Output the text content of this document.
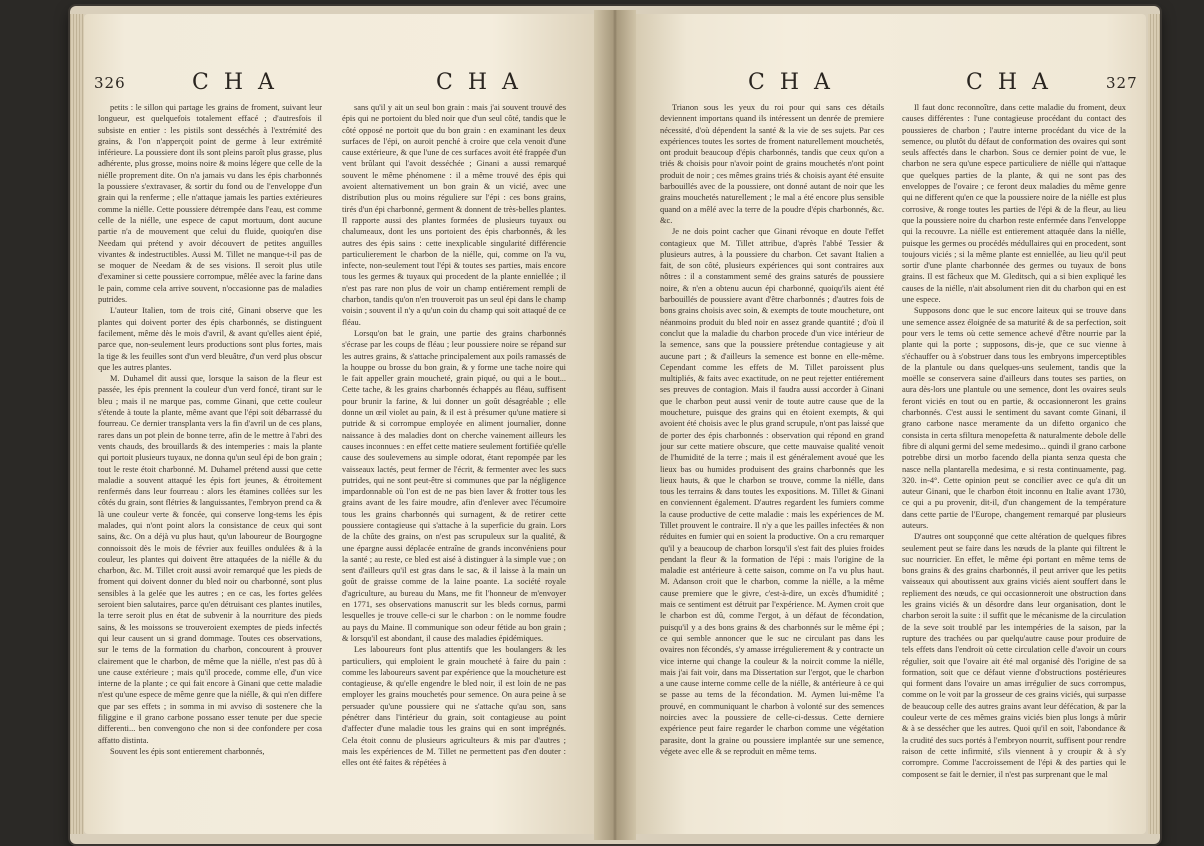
326	C H A	C H A

petits : le sillon qui partage les grains de froment, suivant leur longueur, est quelquefois totalement effacé ; d'autresfois il subsiste en entier : les pistils sont desséchés à l'extrémité des grains, & l'on n'apperçoit point de germe à leur extrémité inférieure. La poussiere dont ils sont pleins paroît plus grasse, plus adhérente, plus grosse, moins noire & moins légere que celle de la niélle proprement dite. On n'a jamais vu dans les épis charbonnés la poussiere s'extravaser, & sortir du fond ou de l'enveloppe d'un grain qui la renferme ; elle n'attaque jamais les parties extérieures comme la niélle. Cette poussiere détrempée dans l'eau, est comme celle de la niélle, une espece de caput mortuum, dont aucune partie n'a de mouvement que celui du fluide, quoiqu'en dise Needam qui prétend y avoir découvert de petites anguilles vivantes & indestructibles. Aussi M. Tillet ne manque-t-il pas de se moquer de Needam & de ses visions. Il seroit plus utile d'examiner si cette poussiere corrompue, mêlée avec la farine dans le pain, comme cela arrive souvent, n'occasionne pas de maladies putrides.

L'auteur Italien, tom de trois cité, Ginani observe que les plantes qui doivent porter des épis charbonnés, se distinguent facilement, même dès le mois d'avril, & avant qu'elles aient épié, parce que, non-seulement leurs productions sont plus fortes, mais la tige & les feuilles sont d'un verd bleuâtre, d'un verd plus obscur que les autres plantes.

M. Duhamel dit aussi que, lorsque la saison de la fleur est passée, les épis prennent la couleur d'un verd foncé, tirant sur le bleu ; mais il ne marque pas, comme Ginani, que cette couleur s'étende à toute la plante, même avant que l'épi soit débarrassé du fourreau. Ce dernier transplanta vers la fin d'avril un de ces plans, rares dans un pot plein de bonne terre, afin de le mettre à l'abri des vents chauds, des brouillards & des intemperies : mais la plante qui portoit plusieurs tuyaux, ne donna qu'un seul épi de bon grain ; tout le reste étoit charbonné. M. Duhamel prétend aussi que cette maladie a souvent attaqué les épis fort jeunes, & étroitement renfermés dans leur fourreau : alors les étamines collées sur les côtés du grain, sont flétries & languissantes, l'embryon prend ca & là une couleur verte & foncée, qui conserve long-tems les épis malades, qui n'ont point alors la consistance de ceux qui sont sains, &c. On a déjà vu plus haut, qu'un laboureur de Bourgogne connoissoit dès le mois de février aux feuilles ondulées & à la couleur, les plantes qui doivent être attaquées de la niélle & du charbon, &c. M. Tillet croit aussi avoir remarqué que les pieds de froment qui doivent donner du bled noir ou charbonné, sont plus sensibles à la gelée que les autres ; en ce cas, les fortes gelées seroient bien salutaires, parce qu'en détruisant ces plantes inutiles, la terre seroit plus en état de subvenir à la nourriture des pieds sains, & les moissons se trouveroient exemptes de pieds infectés qui leur causent un si grand dommage. Toutes ces observations, sur le tems de la formation du charbon, concourent à prouver clairement que le charbon, de même que la niélle, n'est pas dû à une cause extérieure ; mais qu'il procede, comme elle, d'un vice interne de la plante ; ce qui fait encore à Ginani que cette maladie n'est qu'une espece de même genre que la niélle, & qui n'en differe que par ses effets ; in somma in mi avviso di sostenere che la filiggine e il grano carbone possano esser tenute per due specie differenti... ben convengono che non si dee confondere per cosa affatto distinta.

Souvent les épis sont entierement charbonnés,

sans qu'il y ait un seul bon grain : mais j'ai souvent trouvé des épis qui ne portoient du bled noir que d'un seul côté, tandis que le côté opposé ne portoit que du bon grain : en examinant les deux surfaces de l'épi, on auroit penché à croire que cela venoit d'une cause extérieure, & que l'une de ces surfaces avoit été frappée d'un vent brûlant qui l'avoit desséchée ; Ginani a aussi remarqué souvent le même phénomene : il a même trouvé des épis qui avoient alternativement un bon grain & un vicié, avec une distribution plus ou moins réguliere sur l'épi : ces bons grains, tirés d'un épi charbonné, germent & donnent de très-belles plantes. Il rapporte aussi des plantes formées de plusieurs tuyaux ou chalumeaux, dont les uns portoient des épis charbonnés, & les autres des épis sains : cette inexplicable singularité différencie particulierement le charbon de la niélle, qui, comme on l'a vu, infecte, non-seulement tout l'épi & toutes ses parties, mais encore tous les germes & tuyaux qui procedent de la plante enniellée ; il n'est pas rare non plus de voir un champ entiérement rempli de charbon, tandis qu'on n'en trouveroit pas un seul épi dans le champ voisin ; souvent il n'y a qu'un coin du champ qui soit attaqué de ce fléau.

Lorsqu'on bat le grain, une partie des grains charbonnés s'écrase par les coups de fléau ; leur poussiere noire se répand sur les autres grains, & s'attache principalement aux poils ramassés de la houppe ou brosse du bon grain, & y forme une tache noire qui le fait appeller grain moucheté, grain piqué, ou qui a le bout... Cette tache, & les grains charbonnés échappés au fléau, suffisent pour brunir la farine, & lui donner un goût désagréable ; elle donne un œil violet au pain, & il est à présumer qu'une matiere si putride & si corrompue employée en aliment journalier, donne naissance à des maladies dont on cherche vainement ailleurs les causes inconnues : en effet cette matiere seulement fortifiée qu'elle cause des soulevemens au simple odorat, étant repompée par les vaisseaux lactés, peut fermer de l'écrit, & fermenter avec les sucs putrides, qui ne sont peut-être si communes que par la négligence impardonnable où l'on est de ne pas bien laver & frotter tous les grains avant de les faire moudre, afin d'enlever avec l'écumoire tous les grains charbonnés qui surnagent, & de retirer cette poussiere contagieuse qui s'attache à la superficie du grain. Lors de la chûte des grains, on n'est pas scrupuleux sur la qualité, & une épargne aussi déplacée entraîne de grands inconvéniens pour la santé ; au reste, ce bled est aisé à distinguer à la simple vue ; on sent d'ailleurs qu'il est gras dans le sac, & il laisse à la main un goût de graisse comme de la laine poante. La société royale d'agriculture, au bureau du Mans, me fit l'honneur de m'envoyer en 1771, ses observations manuscrit sur les bleds cornus, parmi lesquelles je trouve celle-ci sur le charbon : on le nomme foudre au pays du Maine. Il communique son odeur fétide au bon grain ; & lorsqu'il est abondant, il cause des maladies épidémiques.

Les laboureurs font plus attentifs que les boulangers & les particuliers, qui emploient le grain moucheté à faire du pain : comme les laboureurs savent par expérience que la moucheture est contagieuse, & qu'elle engendre le bled noir, il est loin de ne pas employer les grains mouchetés pour semence. On aura peine à se persuader qu'une poussiere qui ne s'attache qu'au son, sans pénétrer dans l'intérieur du grain, soit contagieuse au point d'affecter d'une maladie tous les grains qui en sont imprégnés. Cela étoit connu de plusieurs agriculteurs & mis par d'autres ; mais les expériences de M. Tillet ne permettent pas d'en douter : elles ont été faites & répétées à

C H A	C H A	327

Trianon sous les yeux du roi pour qui sans ces détails deviennent importans quand ils intéressent un denrée de premiere nécessité, d'où dépendent la santé & la vie de ses sujets. Par ces expériences toutes les sortes de froment naturellement mouchetés, ont produit beaucoup d'épis charbonnés, tandis que ceux qu'on a triés & choisis pour n'avoir point de grains mouchetés n'ont point produit de noir ; ces mêmes grains triés & choisis ayant été ensuite barbouillés avec de la poussiere, ont donné autant de noir que les grains mouchetés naturellement ; le mal a été encore plus sensible quand on a mêlé avec la terre de la poudre d'épis charbonnés, &c. &c.

Je ne dois point cacher que Ginani révoque en doute l'effet contagieux que M. Tillet attribue, d'après l'abbé Tessier & plusieurs autres, à la poussiere du charbon. Cet savant Italien a fait, de son côté, plusieurs expériences qui sont contraires aux nôtres : il a constamment semé des grains saturés de poussiere noire, & n'en a obtenu aucun épi charbonné, quoiqu'ils aient été barbouillés de poussiere avant d'être charbonnés ; d'autres fois de bons grains choisis avec soin, & exempts de toute moucheture, ont néanmoins produit du bled noir en assez grande quantité ; d'où il conclut que la maladie du charbon procede d'un vice intérieur de la semence, sans que la poussiere prétendue contagieuse y ait aucune part ; & d'ailleurs la semence est bonne en elle-même. Cependant comme les effets de M. Tillet paroissent plus multipliés, & faits avec exactitude, on ne peut rejetter entiérement ses preuves de contagion. Mais il faudra aussi accorder à Ginani que le charbon peut aussi venir de toute autre cause que de la moucheture, puisque des grains qui en étoient exempts, & qui avoient été choisis avec le plus grand scrupule, n'ont pas laissé que de porter des épis charbonnés : observation qui répond en grand jour sur cette matiere obscure, que cette mauvaise qualité venoit de l'humidité de la terre ; mais il est généralement avoué que les lieux bas ou humides produisent des grains charbonnés que les lieux hauts, & que le charbon se trouve, comme la niélle, dans tous les terrains & dans toutes les expositions. M. Tillet & Ginani en conviennent également. D'autres regardent les fumiers comme la cause productive de cette maladie : mais les expériences de M. Tillet prouvent le contraire. Il n'y a que les pailles infectées & non réduites en fumier qui en soient la productive. On a cru remarquer qu'il y a beaucoup de charbon lorsqu'il s'est fait des pluies froides pendant la fleur & la formation de l'épi : mais l'origine de la maladie est antérieure à cette saison, comme on l'a vu plus haut. M. Adanson croit que le charbon, comme la niélle, a la même cause premiere que le givre, c'est-à-dire, un excès d'humidité ; mais ce sentiment est détruit par l'expérience. M. Aymen croit que le charbon est dû, comme l'ergot, à un défaut de fécondation, puisqu'il y a des bons grains & des charbonnés sur le même épi ; ce qui semble annoncer que le suc ne circulant pas dans les ovaires non fécondés, s'y amasse irrégulierement & y contracte un vice interne qui change la couleur & la noircit comme la niélle, mais j'ai fait voir, dans ma Dissertation sur l'ergot, que le charbon a une cause interne comme celle de la niélle, & antérieure à ce qui se passe au tems de la fécondation. M. Aymen lui-même l'a prouvé, en communiquant le charbon à volonté sur des semences noircies avec la poussiere de celle-ci-dessus. Cette derniere expérience peut faire regarder le charbon comme une végétation parasite, dont la graine ou poussiere implantée sur une semence, végete avec elle & se reproduit en même tems.

Il faut donc reconnoître, dans cette maladie du froment, deux causes différentes : l'une contagieuse procédant du contact des poussieres de charbon ; l'autre interne procédant du vice de la semence, ou plutôt du défaut de conformation des ovaires qui sont seuls affectés dans le charbon. Sous ce dernier point de vue, le charbon ne sera qu'une espece particuliere de niélle qui n'attaque que quelques parties de la plante, & qui ne sont pas des enveloppes de l'ovaire ; ce feront deux maladies du même genre qui ne different qu'en ce que la poussiere noire de la niélle est plus corrosive, & ronge toutes les parties de l'épi & de la fleur, au lieu que la poussiere noire du charbon reste enfermée dans l'enveloppe qui la recouvre. La niélle est entierement attaquée dans la niélle, puisque les germes ou procédés médullaires qui en procedent, sont toujours viciés ; si la même plante est enniellée, au lieu qu'il peut sortir d'une plante charbonnée des germes ou tuyaux de bons grains. Il est fâcheux que M. Gleditsch, qui a si bien expliqué les causes de la niélle, n'ait absolument rien dit du charbon qui en est une espece.

Supposons donc que le suc encore laiteux qui se trouve dans une semence assez éloignée de sa maturité & de sa perfection, soit pour vers le tems où cette semence achevé d'être nourrie par la plante qui la porte ; supposons, dis-je, que ce suc vienne à s'échauffer ou à s'obstruer dans tous les embryons imperceptibles de la plantule ou dans quelques-uns seulement, tandis que la moëlle se conservera saine d'ailleurs dans toutes ses parties, on aura dès-lors une plantule ou une semence, dont les ovaires seuls feront viciés en tout ou en partie, & occasionneront les grains charbonnés. C'est aussi le sentiment du savant comte Ginani, il grano carbone nasce meramente da un difetto organico che consista in certa sfiltura menopefetta & naturalmente debole delle fibre di alquni germi del seme medesimo... quindi il grano carbone potrebbe dirsi un morbo facendo della pianta senza questa che nasce nella plantarella medesima, e si resta continuamente, pag. 320. in-4°. Cette opinion peut se concilier avec ce qu'a dit un auteur Ginani, que le charbon étoit inconnu en Italie avant 1730, ce qui a pu provenir, dit-il, d'un changement de la température dans cette partie de l'Europe, changement remarqué par plusieurs auteurs.

D'autres ont soupçonné que cette altération de quelques fibres seulement peut se faire dans les nœuds de la plante qui filtrent le suc nourricier. En effet, le même épi portant en même tems de bons grains & des grains charbonnés, il peut arriver que les petits vaisseaux qui aboutissent aux grains viciés aient souffert dans le repliement des nœuds, ce qui occasionneroit une obstruction dans les grains viciés & un désordre dans leur organisation, dont le charbon seroit la suite : il suffit que le mécanisme de la circulation de la seve soit troublé par les intempéries de la saison, par la rupture des trachées ou par quelqu'autre cause pour produire de tels effets dans l'endroit où cette circulation celle d'avoir un cours régulier, soit que l'ovaire ait été mal organisé dès l'origine de sa formation, soit que ce défaut vienne d'obstructions postérieures qui forment dans l'ovaire un amas irrégulier de sucs corrompus, comme on le voit par la grosseur de ces grains viciés, qui surpasse de beaucoup celle des autres grains avant leur défécation, & par la couleur verte de ces mêmes grains viciés bien plus longs à mûrir & à se dessécher que les autres. Quoi qu'il en soit, l'abondance & la crudité des sucs portés à l'embryon nourrit, suffisent pour rendre raison de cette infirmité, s'ils viennent à y croupir & à s'y corrompre. Comme l'accroissement de l'épi & des parties qui le composent se fait le dernier, il n'est pas surprenant que le mal
